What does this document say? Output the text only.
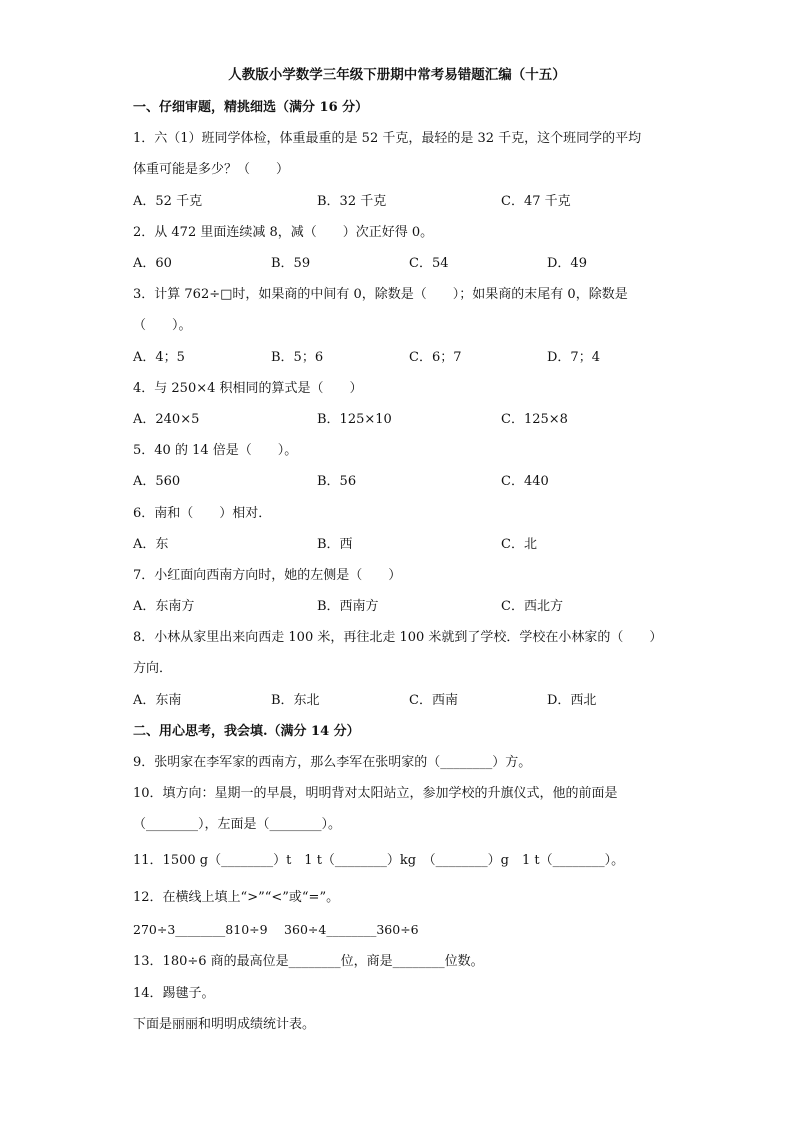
人教版小学数学三年级下册期中常考易错题汇编（十五）
一、仔细审题，精挑细选（满分 16 分）
1．六（1）班同学体检，体重最重的是 52 千克，最轻的是 32 千克，这个班同学的平均
体重可能是多少？（　　）
A．52 千克	B．32 千克	C．47 千克
2．从 472 里面连续减 8，减（　　）次正好得 0。
A．60	B．59	C．54	D．49
3．计算 762÷□时，如果商的中间有 0，除数是（　　）；如果商的末尾有 0，除数是
（　　）。
A．4；5	B．5；6	C．6；7	D．7；4
4．与 250×4 积相同的算式是（　　）
A．240×5	B．125×10	C．125×8
5．40 的 14 倍是（　　）。
A．560	B．56	C．440
6．南和（　　）相对．
A．东	B．西	C．北
7．小红面向西南方向时，她的左侧是（　　）
A．东南方	B．西南方	C．西北方
8．小林从家里出来向西走 100 米，再往北走 100 米就到了学校．学校在小林家的（　　）
方向．
A．东南	B．东北	C．西南	D．西北
二、用心思考，我会填.（满分 14 分）
9．张明家在李军家的西南方，那么李军在张明家的（________）方。
10．填方向：星期一的早晨，明明背对太阳站立，参加学校的升旗仪式，他的前面是
（________），左面是（________）。
11．1500 g（________）t　1 t（________）kg　（________）g　1 t（________）。
12．在横线上填上“>”“<”或“=”。
270÷3________810÷9　 360÷4________360÷6
13．180÷6 商的最高位是________位，商是________位数。
14．踢毽子。
下面是丽丽和明明成绩统计表。
